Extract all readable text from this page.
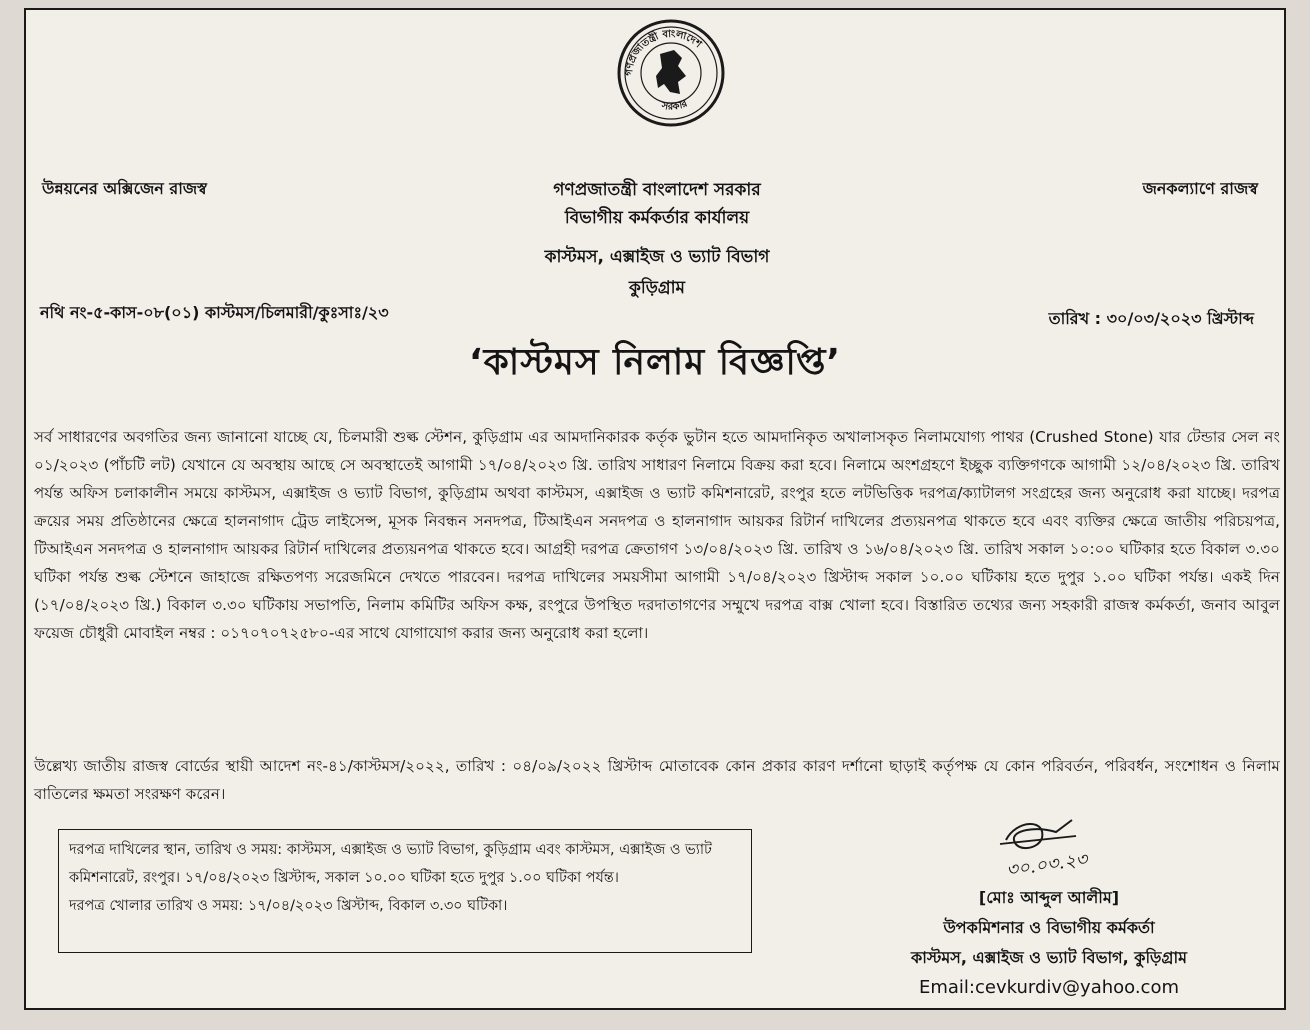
গণপ্রজাতন্ত্রী বাংলাদেশ
সরকার
উন্নয়নের অক্সিজেন রাজস্ব	জনকল্যাণে রাজস্ব
গণপ্রজাতন্ত্রী বাংলাদেশ সরকার
বিভাগীয় কর্মকর্তার কার্যালয়
কাস্টমস, এক্সাইজ ও ভ্যাট বিভাগ
কুড়িগ্রাম
নথি নং-৫-কাস-০৮(০১) কাস্টমস/চিলমারী/কুঃসাঃ/২৩	তারিখ : ৩০/০৩/২০২৩ খ্রিস্টাব্দ
‘কাস্টমস নিলাম বিজ্ঞপ্তি’

সর্ব সাধারণের অবগতির জন্য জানানো যাচ্ছে যে, চিলমারী শুল্ক স্টেশন, কুড়িগ্রাম এর আমদানিকারক কর্তৃক ভুটান হতে আমদানিকৃত অখালাসকৃত নিলামযোগ্য পাথর (Crushed Stone) যার টেন্ডার সেল নং ০১/২০২৩ (পাঁচটি লট) যেখানে যে অবস্থায় আছে সে অবস্থাতেই আগামী ১৭/০৪/২০২৩ খ্রি. তারিখ সাধারণ নিলামে বিক্রয় করা হবে। নিলামে অংশগ্রহণে ইচ্ছুক ব্যক্তিগণকে আগামী ১২/০৪/২০২৩ খ্রি. তারিখ পর্যন্ত অফিস চলাকালীন সময়ে কাস্টমস, এক্সাইজ ও ভ্যাট বিভাগ, কুড়িগ্রাম অথবা কাস্টমস, এক্সাইজ ও ভ্যাট কমিশনারেট, রংপুর হতে লটভিত্তিক দরপত্র/ক্যাটালগ সংগ্রহের জন্য অনুরোধ করা যাচ্ছে। দরপত্র ক্রয়ের সময় প্রতিষ্ঠানের ক্ষেত্রে হালনাগাদ ট্রেড লাইসেন্স, মূসক নিবন্ধন সনদপত্র, টিআইএন সনদপত্র ও হালনাগাদ আয়কর রিটার্ন দাখিলের প্রত্যয়নপত্র থাকতে হবে এবং ব্যক্তির ক্ষেত্রে জাতীয় পরিচয়পত্র, টিআইএন সনদপত্র ও হালনাগাদ আয়কর রিটার্ন দাখিলের প্রত্যয়নপত্র থাকতে হবে। আগ্রহী দরপত্র ক্রেতাগণ ১৩/০৪/২০২৩ খ্রি. তারিখ ও ১৬/০৪/২০২৩ খ্রি. তারিখ সকাল ১০:০০ ঘটিকার হতে বিকাল ৩.৩০ ঘটিকা পর্যন্ত শুল্ক স্টেশনে জাহাজে রক্ষিতপণ্য সরেজমিনে দেখতে পারবেন। দরপত্র দাখিলের সময়সীমা আগামী ১৭/০৪/২০২৩ খ্রিস্টাব্দ সকাল ১০.০০ ঘটিকায় হতে দুপুর ১.০০ ঘটিকা পর্যন্ত। একই দিন (১৭/০৪/২০২৩ খ্রি.) বিকাল ৩.৩০ ঘটিকায় সভাপতি, নিলাম কমিটির অফিস কক্ষ, রংপুরে উপস্থিত দরদাতাগণের সম্মুখে দরপত্র বাক্স খোলা হবে। বিস্তারিত তথ্যের জন্য সহকারী রাজস্ব কর্মকর্তা, জনাব আবুল ফয়েজ চৌধুরী মোবাইল নম্বর : ০১৭০৭০৭২৫৮০-এর সাথে যোগাযোগ করার জন্য অনুরোধ করা হলো।

উল্লেখ্য জাতীয় রাজস্ব বোর্ডের স্থায়ী আদেশ নং-৪১/কাস্টমস/২০২২, তারিখ : ০৪/০৯/২০২২ খ্রিস্টাব্দ মোতাবেক কোন প্রকার কারণ দর্শানো ছাড়াই কর্তৃপক্ষ যে কোন পরিবর্তন, পরিবর্ধন, সংশোধন ও নিলাম বাতিলের ক্ষমতা সংরক্ষণ করেন।

দরপত্র দাখিলের স্থান, তারিখ ও সময়: কাস্টমস, এক্সাইজ ও ভ্যাট বিভাগ, কুড়িগ্রাম এবং কাস্টমস, এক্সাইজ ও ভ্যাট কমিশনারেট, রংপুর। ১৭/০৪/২০২৩ খ্রিস্টাব্দ, সকাল ১০.০০ ঘটিকা হতে দুপুর ১.০০ ঘটিকা পর্যন্ত।

দরপত্র খোলার তারিখ ও সময়: ১৭/০৪/২০২৩ খ্রিস্টাব্দ, বিকাল ৩.৩০ ঘটিকা।

৩০.০৩.২৩
[মোঃ আব্দুল আলীম]
উপকমিশনার ও বিভাগীয় কর্মকর্তা
কাস্টমস, এক্সাইজ ও ভ্যাট বিভাগ, কুড়িগ্রাম
Email:cevkurdiv@yahoo.com
